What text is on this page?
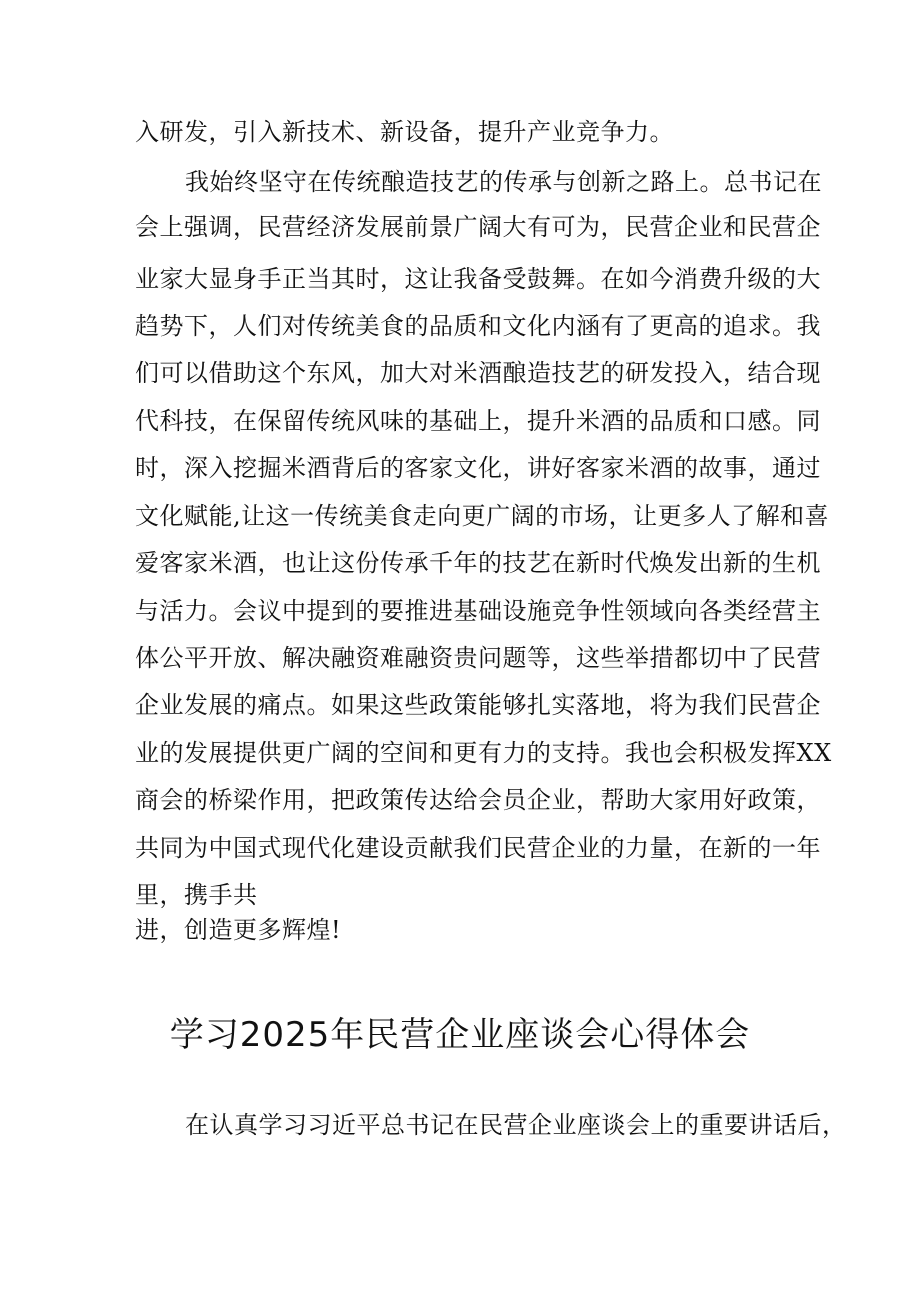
入研发，引入新技术、新设备，提升产业竞争力。
我始终坚守在传统酿造技艺的传承与创新之路上。总书记在
会上强调，民营经济发展前景广阔大有可为，民营企业和民营企
业家大显身手正当其时，这让我备受鼓舞。在如今消费升级的大
趋势下，人们对传统美食的品质和文化内涵有了更高的追求。我
们可以借助这个东风，加大对米酒酿造技艺的研发投入，结合现
代科技，在保留传统风味的基础上，提升米酒的品质和口感。同
时，深入挖掘米酒背后的客家文化，讲好客家米酒的故事，通过
文化赋能,让这一传统美食走向更广阔的市场，让更多人了解和喜
爱客家米酒，也让这份传承千年的技艺在新时代焕发出新的生机
与活力。会议中提到的要推进基础设施竞争性领域向各类经营主
体公平开放、解决融资难融资贵问题等，这些举措都切中了民营
企业发展的痛点。如果这些政策能够扎实落地，将为我们民营企
业的发展提供更广阔的空间和更有力的支持。我也会积极发挥XX
商会的桥梁作用，把政策传达给会员企业，帮助大家用好政策，
共同为中国式现代化建设贡献我们民营企业的力量，在新的一年
里，携手共
进，创造更多辉煌!
学习2025年民营企业座谈会心得体会
在认真学习习近平总书记在民营企业座谈会上的重要讲话后，
